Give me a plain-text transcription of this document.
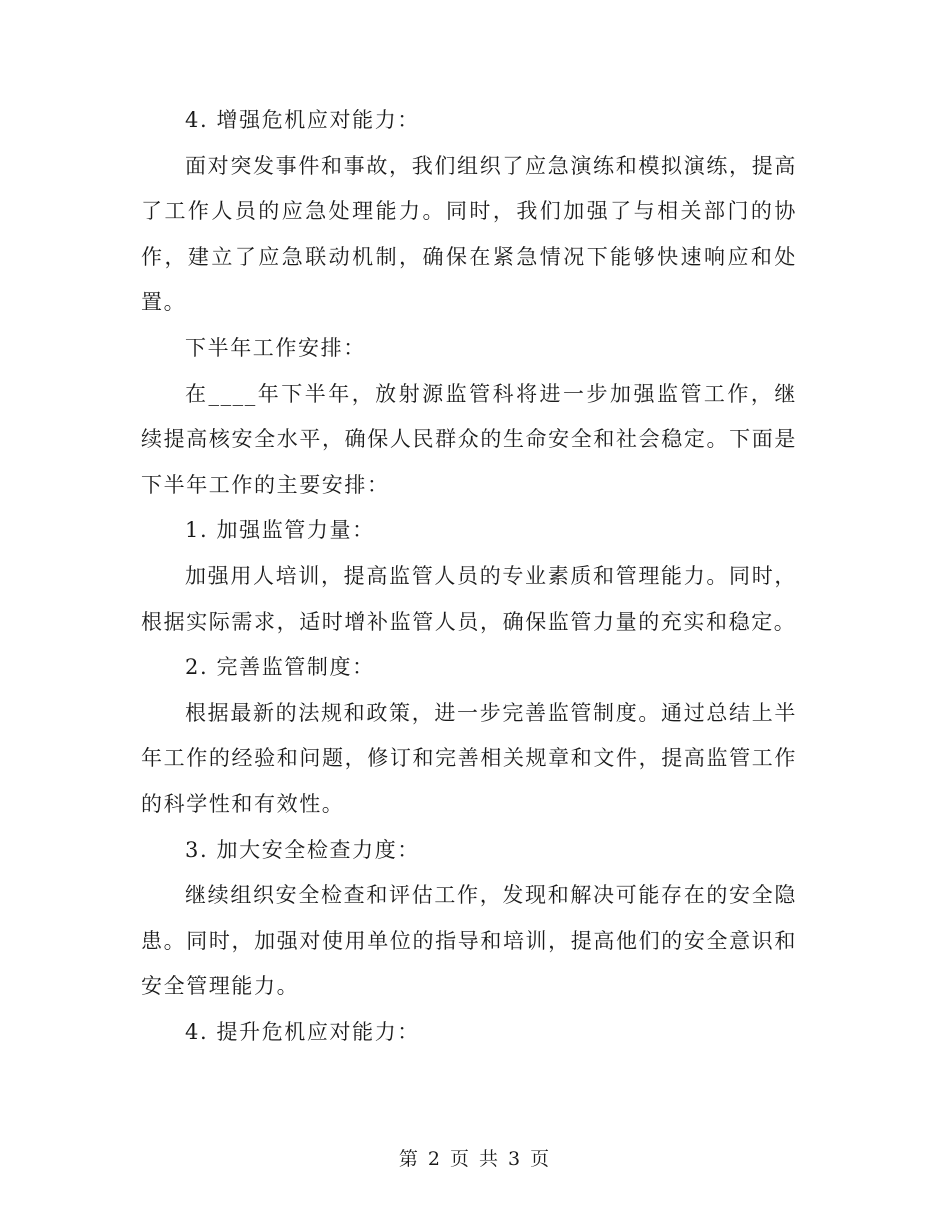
4. 增强危机应对能力：

面对突发事件和事故，我们组织了应急演练和模拟演练，提高了工作人员的应急处理能力。同时，我们加强了与相关部门的协作，建立了应急联动机制，确保在紧急情况下能够快速响应和处置。

下半年工作安排：

在____年下半年，放射源监管科将进一步加强监管工作，继续提高核安全水平，确保人民群众的生命安全和社会稳定。下面是下半年工作的主要安排：

1. 加强监管力量：

加强用人培训，提高监管人员的专业素质和管理能力。同时，根据实际需求，适时增补监管人员，确保监管力量的充实和稳定。

2. 完善监管制度：

根据最新的法规和政策，进一步完善监管制度。通过总结上半年工作的经验和问题，修订和完善相关规章和文件，提高监管工作的科学性和有效性。

3. 加大安全检查力度：

继续组织安全检查和评估工作，发现和解决可能存在的安全隐患。同时，加强对使用单位的指导和培训，提高他们的安全意识和安全管理能力。

4. 提升危机应对能力：

第 2 页 共 3 页
